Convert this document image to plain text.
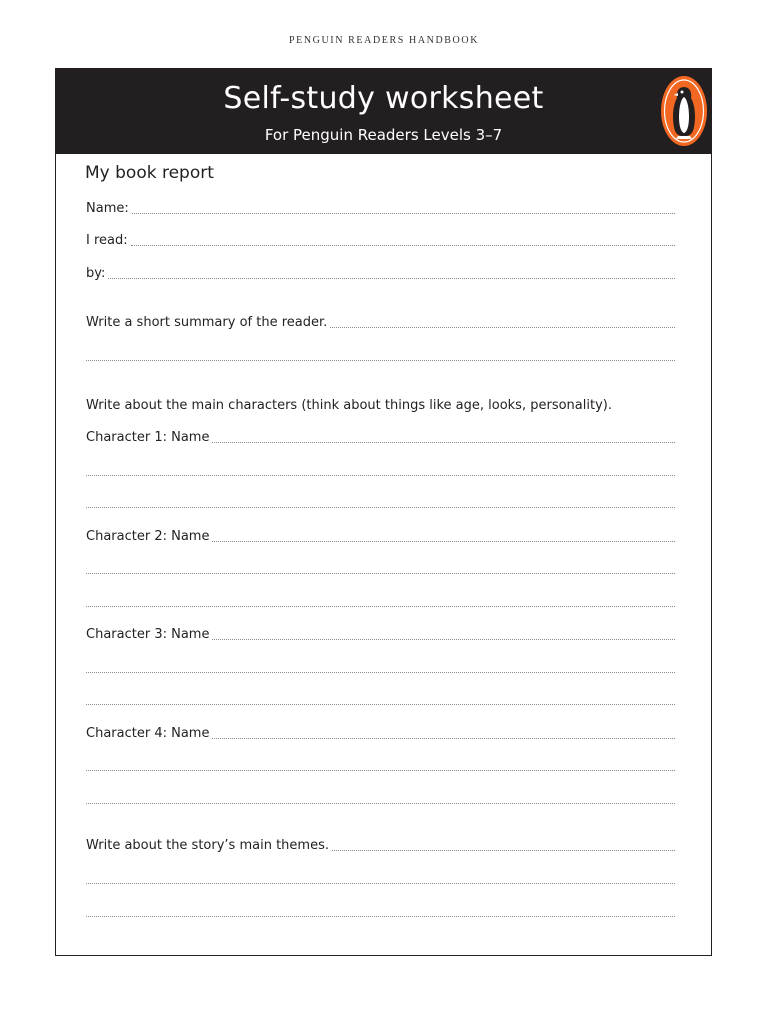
PENGUIN READERS HANDBOOK
Self-study worksheet
For Penguin Readers Levels 3–7
My book report
Name:
I read:
by:
Write a short summary of the reader.
Write about the main characters (think about things like age, looks, personality).
Character 1: Name
Character 2: Name
Character 3: Name
Character 4: Name
Write about the story’s main themes.
